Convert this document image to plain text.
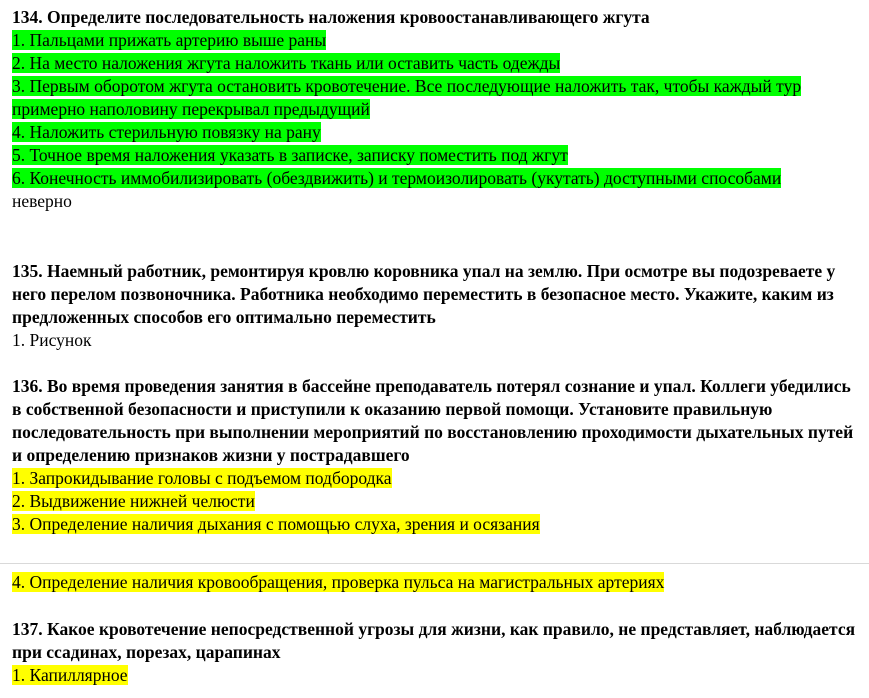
134. Определите последовательность наложения кровоостанавливающего жгута

1. Пальцами прижать артерию выше раны

2. На место наложения жгута наложить ткань или оставить часть одежды

3. Первым оборотом жгута остановить кровотечение. Все последующие наложить так, чтобы каждый тур примерно наполовину перекрывал предыдущий

4. Наложить стерильную повязку на рану

5. Точное время наложения указать в записке, записку поместить под жгут

6. Конечность иммобилизировать (обездвижить) и термоизолировать (укутать) доступными способами

неверно

135. Наемный работник, ремонтируя кровлю коровника упал на землю. При осмотре вы подозреваете у него перелом позвоночника. Работника необходимо переместить в безопасное место. Укажите, каким из предложенных способов его оптимально переместить

1. Рисунок

136. Во время проведения занятия в бассейне преподаватель потерял сознание и упал. Коллеги убедились в собственной безопасности и приступили к оказанию первой помощи. Установите правильную последовательность при выполнении мероприятий по восстановлению проходимости дыхательных путей и определению признаков жизни у пострадавшего

1. Запрокидывание головы с подъемом подбородка

2. Выдвижение нижней челюсти

3. Определение наличия дыхания с помощью слуха, зрения и осязания

4. Определение наличия кровообращения, проверка пульса на магистральных артериях

137. Какое кровотечение непосредственной угрозы для жизни, как правило, не представляет, наблюдается при ссадинах, порезах, царапинах

1. Капиллярное
